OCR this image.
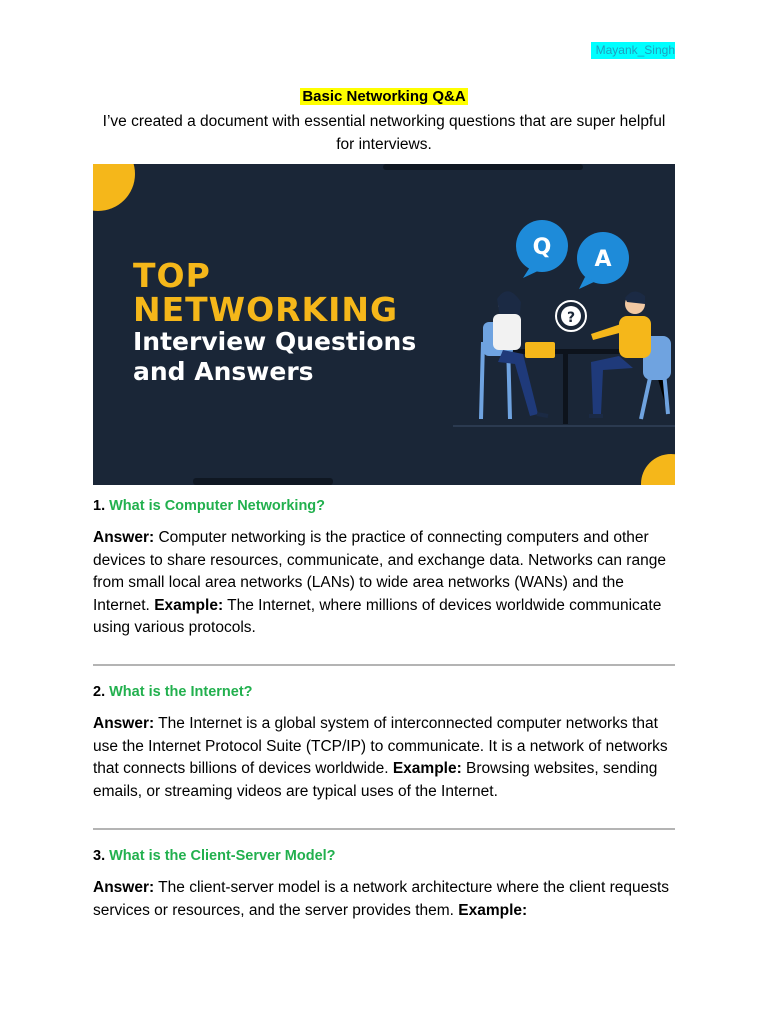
Mayank_Singh
Basic Networking Q&A
I’ve created a document with essential networking questions that are super helpful for interviews.
Q A
?
TOP
NETWORKING
Interview Questions
and Answers
1. What is Computer Networking?
Answer: Computer networking is the practice of connecting computers and other devices to share resources, communicate, and exchange data. Networks can range from small local area networks (LANs) to wide area networks (WANs) and the Internet. Example: The Internet, where millions of devices worldwide communicate using various protocols.
2. What is the Internet?
Answer: The Internet is a global system of interconnected computer networks that use the Internet Protocol Suite (TCP/IP) to communicate. It is a network of networks that connects billions of devices worldwide. Example: Browsing websites, sending emails, or streaming videos are typical uses of the Internet.
3. What is the Client-Server Model?
Answer: The client-server model is a network architecture where the client requests services or resources, and the server provides them. Example:
